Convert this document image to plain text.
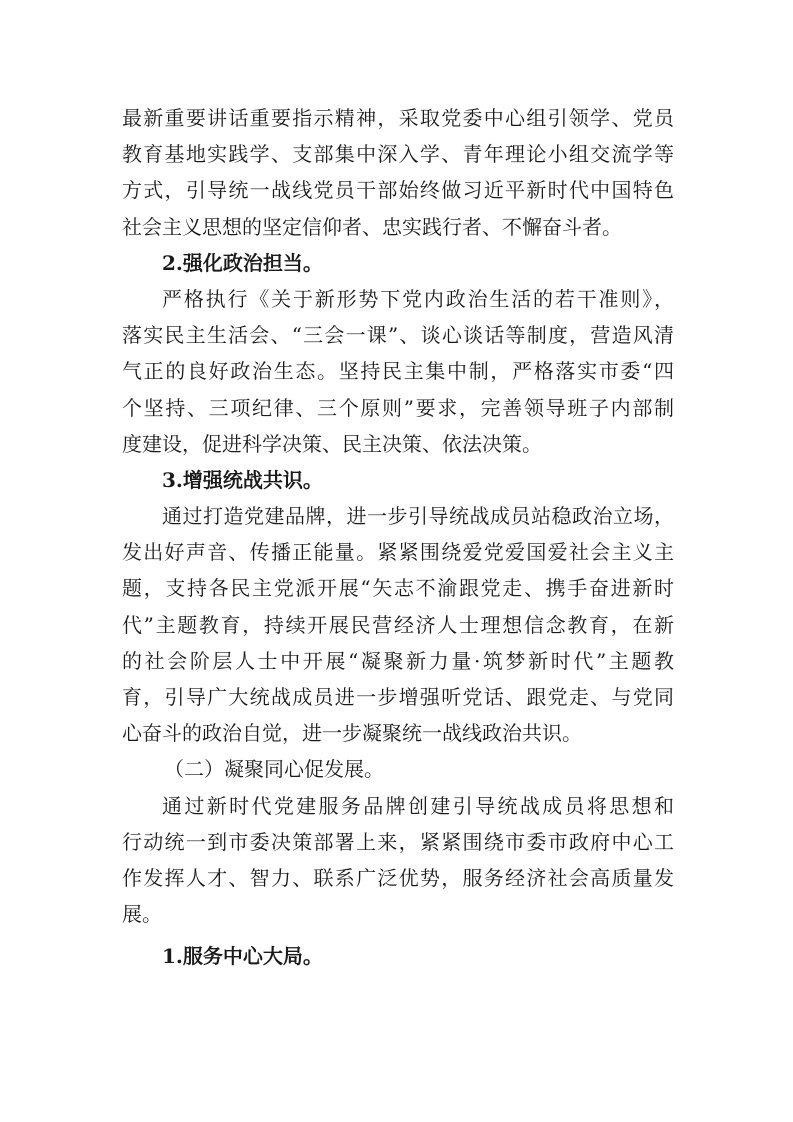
最新重要讲话重要指示精神，采取党委中心组引领学、党员
教育基地实践学、支部集中深入学、青年理论小组交流学等
方式，引导统一战线党员干部始终做习近平新时代中国特色
社会主义思想的坚定信仰者、忠实践行者、不懈奋斗者。
2.强化政治担当。
严格执行《关于新形势下党内政治生活的若干准则》，
落实民主生活会、“三会一课”、谈心谈话等制度，营造风清
气正的良好政治生态。坚持民主集中制，严格落实市委“四
个坚持、三项纪律、三个原则”要求，完善领导班子内部制
度建设，促进科学决策、民主决策、依法决策。
3.增强统战共识。
通过打造党建品牌，进一步引导统战成员站稳政治立场，
发出好声音、传播正能量。紧紧围绕爱党爱国爱社会主义主
题，支持各民主党派开展“矢志不渝跟党走、携手奋进新时
代”主题教育，持续开展民营经济人士理想信念教育，在新
的社会阶层人士中开展“凝聚新力量·筑梦新时代”主题教
育，引导广大统战成员进一步增强听党话、跟党走、与党同
心奋斗的政治自觉，进一步凝聚统一战线政治共识。
（二）凝聚同心促发展。
通过新时代党建服务品牌创建引导统战成员将思想和
行动统一到市委决策部署上来，紧紧围绕市委市政府中心工
作发挥人才、智力、联系广泛优势，服务经济社会高质量发
展。
1.服务中心大局。
